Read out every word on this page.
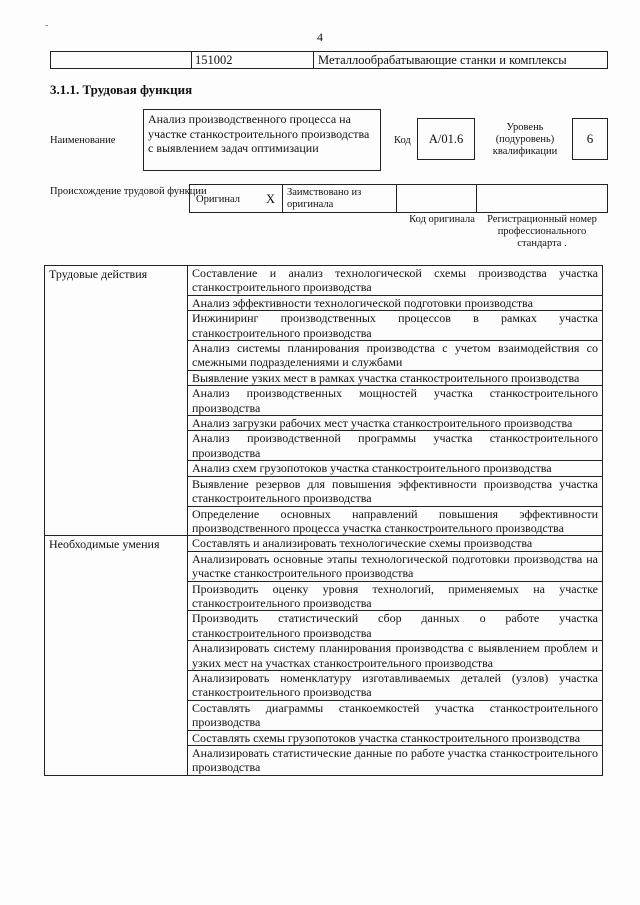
-
4
151002	Металлообрабатывающие станки и комплексы
3.1.1. Трудовая функция
Наименование
Анализ производственного процесса на участке станкостроительного производства с выявлением задач оптимизации
Код	A/01.6
Уровень (подуровень) квалификации
6
Происхождение трудовой функции
Оригинал X Заимствовано из оригинала
Код оригинала	Регистрационный номер профессионального стандарта .
Трудовые действия	Составление и анализ технологической схемы производства участка станкостроительного производства
	Анализ эффективности технологической подготовки производства
	Инжиниринг производственных процессов в рамках участка станкостроительного производства
	Анализ системы планирования производства с учетом взаимодействия со смежными подразделениями и службами
	Выявление узких мест в рамках участка станкостроительного производства
	Анализ производственных мощностей участка станкостроительного производства
	Анализ загрузки рабочих мест участка станкостроительного производства
	Анализ производственной программы участка станкостроительного производства
	Анализ схем грузопотоков участка станкостроительного производства
	Выявление резервов для повышения эффективности производства участка станкостроительного производства
	Определение основных направлений повышения эффективности производственного процесса участка станкостроительного производства
Необходимые умения	Составлять и анализировать технологические схемы производства
	Анализировать основные этапы технологической подготовки производства на участке станкостроительного производства
	Производить оценку уровня технологий, применяемых на участке станкостроительного производства
	Производить статистический сбор данных о работе участка станкостроительного производства
	Анализировать систему планирования производства с выявлением проблем и узких мест на участках станкостроительного производства
	Анализировать номенклатуру изготавливаемых деталей (узлов) участка станкостроительного производства
	Составлять диаграммы станкоемкостей участка станкостроительного производства
	Составлять схемы грузопотоков участка станкостроительного производства
	Анализировать статистические данные по работе участка станкостроительного производства
